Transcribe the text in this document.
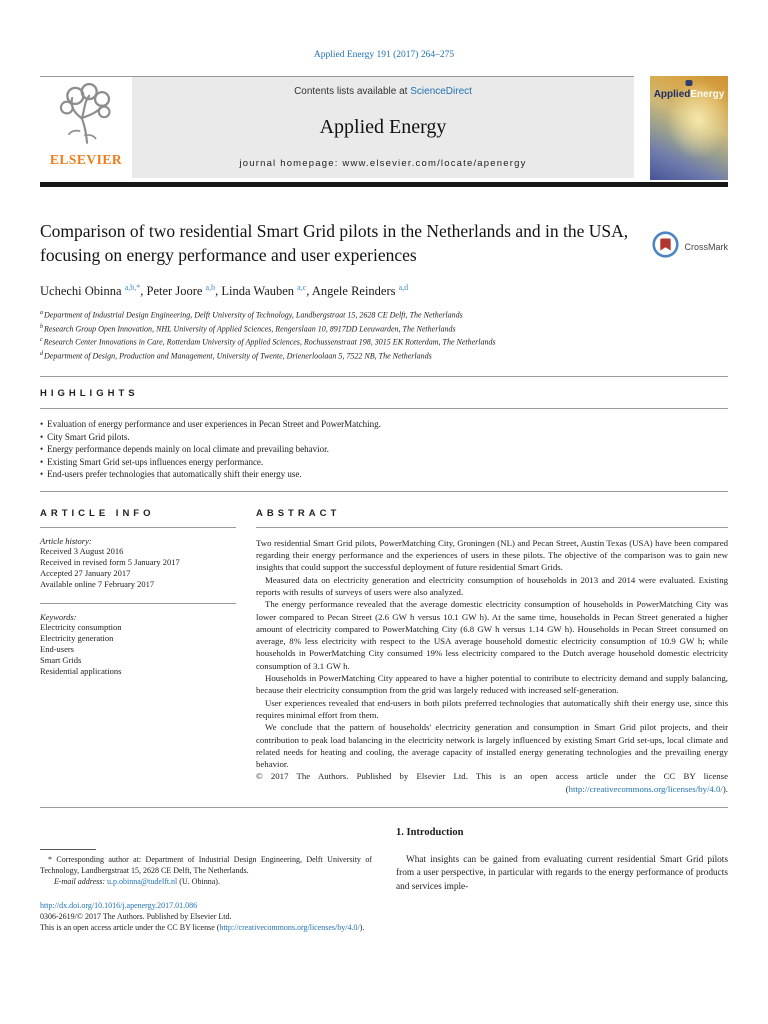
Applied Energy 191 (2017) 264–275
ELSEVIER
Contents lists available at ScienceDirect
Applied Energy
journal homepage: www.elsevier.com/locate/apenergy
AppliedEnergy
Comparison of two residential Smart Grid pilots in the Netherlands and in the USA, focusing on energy performance and user experiences	CrossMark
Uchechi Obinna $^{a,b,*}$, Peter Joore $^{a,b}$, Linda Wauben $^{a,c}$, Angele Reinders $^{a,d}$
$^a$Department of Industrial Design Engineering, Delft University of Technology, Landbergstraat 15, 2628 CE Delft, The Netherlands
$^b$Research Group Open Innovation, NHL University of Applied Sciences, Rengerslaan 10, 8917DD Leeuwarden, The Netherlands
$^c$Research Center Innovations in Care, Rotterdam University of Applied Sciences, Rochussenstraat 198, 3015 EK Rotterdam, The Netherlands
$^d$Department of Design, Production and Management, University of Twente, Drienerloolaan 5, 7522 NB, The Netherlands
HIGHLIGHTS
• Evaluation of energy performance and user experiences in Pecan Street and PowerMatching.
• City Smart Grid pilots.
• Energy performance depends mainly on local climate and prevailing behavior.
• Existing Smart Grid set-ups influences energy performance.
• End-users prefer technologies that automatically shift their energy use.
ARTICLE INFO
Article history:
Received 3 August 2016
Received in revised form 5 January 2017
Accepted 27 January 2017
Available online 7 February 2017
Keywords:
Electricity consumption
Electricity generation
End-users
Smart Grids
Residential applications
ABSTRACT

Two residential Smart Grid pilots, PowerMatching City, Groningen (NL) and Pecan Street, Austin Texas (USA) have been compared regarding their energy performance and the experiences of users in these pilots. The objective of the comparison was to gain new insights that could support the successful deployment of future residential Smart Grids.

Measured data on electricity generation and electricity consumption of households in 2013 and 2014 were evaluated. Existing reports with results of surveys of users were also analyzed.

The energy performance revealed that the average domestic electricity consumption of households in PowerMatching City was lower compared to Pecan Street (2.6 GW h versus 10.1 GW h). At the same time, households in Pecan Street generated a higher amount of electricity compared to PowerMatching City (6.8 GW h versus 1.14 GW h). Households in Pecan Street consumed on average, 8% less electricity with respect to the USA average household domestic electricity consumption of 10.9 GW h; while households in PowerMatching City consumed 19% less electricity compared to the Dutch average household domestic electricity consumption of 3.1 GW h.

Households in PowerMatching City appeared to have a higher potential to contribute to electricity demand and supply balancing, because their electricity consumption from the grid was largely reduced with increased self-generation.

User experiences revealed that end-users in both pilots preferred technologies that automatically shift their energy use, since this requires minimal effort from them.

We conclude that the pattern of households' electricity generation and consumption in Smart Grid pilot projects, and their contribution to peak load balancing in the electricity network is largely influenced by existing Smart Grid set-ups, local climate and related needs for heating and cooling, the average capacity of installed energy generating technologies and the prevailing energy behavior.

© 2017 The Authors. Published by Elsevier Ltd. This is an open access article under the CC BY license (http://creativecommons.org/licenses/by/4.0/).

* Corresponding author at: Department of Industrial Design Engineering, Delft University of Technology, Landbergstraat 15, 2628 CE Delft, The Netherlands.
E-mail address: u.p.obinna@tudelft.nl (U. Obinna).
http://dx.doi.org/10.1016/j.apenergy.2017.01.086
0306-2619/© 2017 The Authors. Published by Elsevier Ltd.
This is an open access article under the CC BY license (http://creativecommons.org/licenses/by/4.0/).
1. Introduction

What insights can be gained from evaluating current residential Smart Grid pilots from a user perspective, in particular with regards to the energy performance of products and services imple-
